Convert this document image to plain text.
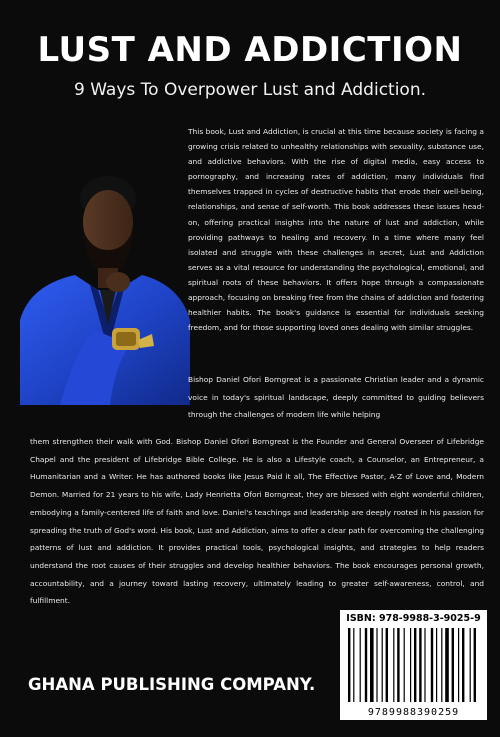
LUST AND ADDICTION
9 Ways To Overpower Lust and Addiction.

This book, Lust and Addiction, is crucial at this time because society is facing a growing crisis related to unhealthy relationships with sexuality, substance use, and addictive behaviors. With the rise of digital media, easy access to pornography, and increasing rates of addiction, many individuals find themselves trapped in cycles of destructive habits that erode their well-being, relationships, and sense of self-worth. This book addresses these issues head-on, offering practical insights into the nature of lust and addiction, while providing pathways to healing and recovery. In a time where many feel isolated and struggle with these challenges in secret, Lust and Addiction serves as a vital resource for understanding the psychological, emotional, and spiritual roots of these behaviors. It offers hope through a compassionate approach, focusing on breaking free from the chains of addiction and fostering healthier habits. The book's guidance is essential for individuals seeking freedom, and for those supporting loved ones dealing with similar struggles.

Bishop Daniel Ofori Borngreat is a passionate Christian leader and a dynamic voice in today's spiritual landscape, deeply committed to guiding believers through the challenges of modern life while helping

them strengthen their walk with God. Bishop Daniel Ofori Borngreat is the Founder and General Overseer of Lifebridge Chapel and the president of Lifebridge Bible College. He is also a Lifestyle coach, a Counselor, an Entrepreneur, a Humanitarian and a Writer. He has authored books like Jesus Paid it all, The Effective Pastor, A-Z of Love and, Modern Demon. Married for 21 years to his wife, Lady Henrietta Ofori Borngreat, they are blessed with eight wonderful children, embodying a family-centered life of faith and love. Daniel's teachings and leadership are deeply rooted in his passion for spreading the truth of God's word. His book, Lust and Addiction, aims to offer a clear path for overcoming the challenging patterns of lust and addiction. It provides practical tools, psychological insights, and strategies to help readers understand the root causes of their struggles and develop healthier behaviors. The book encourages personal growth, accountability, and a journey toward lasting recovery, ultimately leading to greater self-awareness, control, and fulfillment.

ISBN: 978-9988-3-9025-9
9789988390259
GHANA PUBLISHING COMPANY.
